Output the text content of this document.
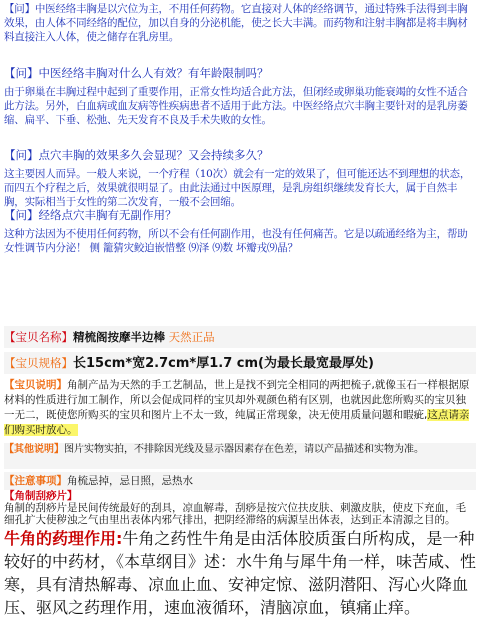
【问】中医经络丰胸是以穴位为主，不用任何药物。它直接对人体的经络调节，通过特殊手法得到丰胸效果，由人体不同经络的配位，加以自身的分泌机能，使之长大丰满。而药物和注射丰胸都是将丰胸材料直接注入人体，使之储存在乳房里。
【问】中医经络丰胸对什么人有效？有年龄限制吗？
由于卵巢在丰胸过程中起到了重要作用，正常女性均适合此方法，但闭经或卵巢功能衰竭的女性不适合此方法。另外，白血病或血友病等性疾病患者不适用于此方法。中医经络点穴丰胸主要针对的是乳房萎缩、扁平、下垂、松弛、先天发育不良及手术失败的女性。
【问】点穴丰胸的效果多久会显现？又会持续多久？
这主要因人而异。一般人来说，一个疗程（10次）就会有一定的效果了，但可能还达不到理想的状态，而四五个疗程之后，效果就很明显了。由此法通过中医原理，是乳房组织继续发育长大，属于自然丰胸，实际相当于女性的第二次发育，一般不会回缩。
【问】经络点穴丰胸有无副作用？
这种方法因为不使用任何药物，所以不会有任何副作用，也没有任何痛苦。它是以疏通经络为主，帮助女性调节内分泌！ 侧 籠猜灾鲛迫嵌惜整 ⑼泽 ⑼数 坏瓣戎⑼晶？
【宝贝名称】精梳阁按摩半边棒 天然正品
【宝贝规格】长15cm*宽2.7cm*厚1.7 cm(为最长最宽最厚处)
【宝贝说明】角制产品为天然的手工艺制品，世上是找不到完全相同的两把梳子,就像玉石一样根据原材料的性质进行加工制作，所以会促成同样的宝贝却外观颜色稍有区别，也就因此您所购买的宝贝独一无二，既使您所购买的宝贝和图片上不太一致，纯属正常现象，决无使用质量问题和暇疵,这点请亲们购买时放心。
【其他说明】图片实物实拍，不排除因光线及显示器因素存在色差，请以产品描述和实物为准。
【注意事项】角梳忌掉，忌日照，忌热水
【角制刮痧片】
角制的刮痧片是民间传统最好的刮具，凉血解毒，刮痧是按穴位扶皮肤、刺激皮肤，使皮下充血，毛细孔扩大使秽浊之气由里出表体内邪气排出，把阴经滞络的病源呈出体表，达到正本清源之目的。
牛角的药理作用:牛角之药性牛角是由活体胶质蛋白所构成，是一种较好的中药材，《本草纲目》述：水牛角与犀牛角一样，味苦咸、性寒，具有清热解毒、凉血止血、安神定惊、滋阴潜阳、泻心火降血压、驱风之药理作用，速血液循环，清脑凉血，镇痛止痒。
